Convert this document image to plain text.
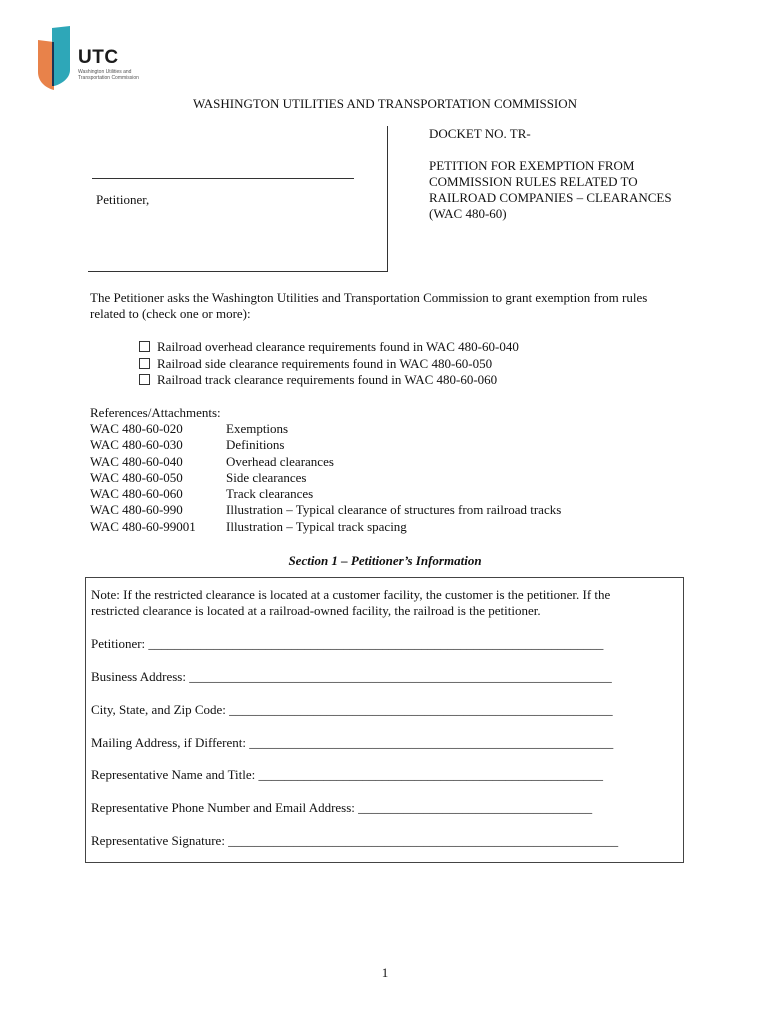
UTC
Washington Utilities and Transportation Commission
WASHINGTON UTILITIES AND TRANSPORTATION COMMISSION
Petitioner,
DOCKET NO. TR-
PETITION FOR EXEMPTION FROM COMMISSION RULES RELATED TO RAILROAD COMPANIES – CLEARANCES (WAC 480-60)
The Petitioner asks the Washington Utilities and Transportation Commission to grant exemption from rules related to (check one or more):
Railroad overhead clearance requirements found in WAC 480-60-040
Railroad side clearance requirements found in WAC 480-60-050
Railroad track clearance requirements found in WAC 480-60-060
References/Attachments:
WAC 480-60-020	Exemptions
WAC 480-60-030	Definitions
WAC 480-60-040	Overhead clearances
WAC 480-60-050	Side clearances
WAC 480-60-060	Track clearances
WAC 480-60-990	Illustration – Typical clearance of structures from railroad tracks
WAC 480-60-99001	Illustration – Typical track spacing
Section 1 – Petitioner’s Information
Note: If the restricted clearance is located at a customer facility, the customer is the petitioner. If the restricted clearance is located at a railroad-owned facility, the railroad is the petitioner.
Petitioner: ______________________________________________________________________
Business Address: _________________________________________________________________
City, State, and Zip Code: ___________________________________________________________
Mailing Address, if Different: ________________________________________________________
Representative Name and Title: _____________________________________________________
Representative Phone Number and Email Address: ____________________________________
Representative Signature: ____________________________________________________________
1
